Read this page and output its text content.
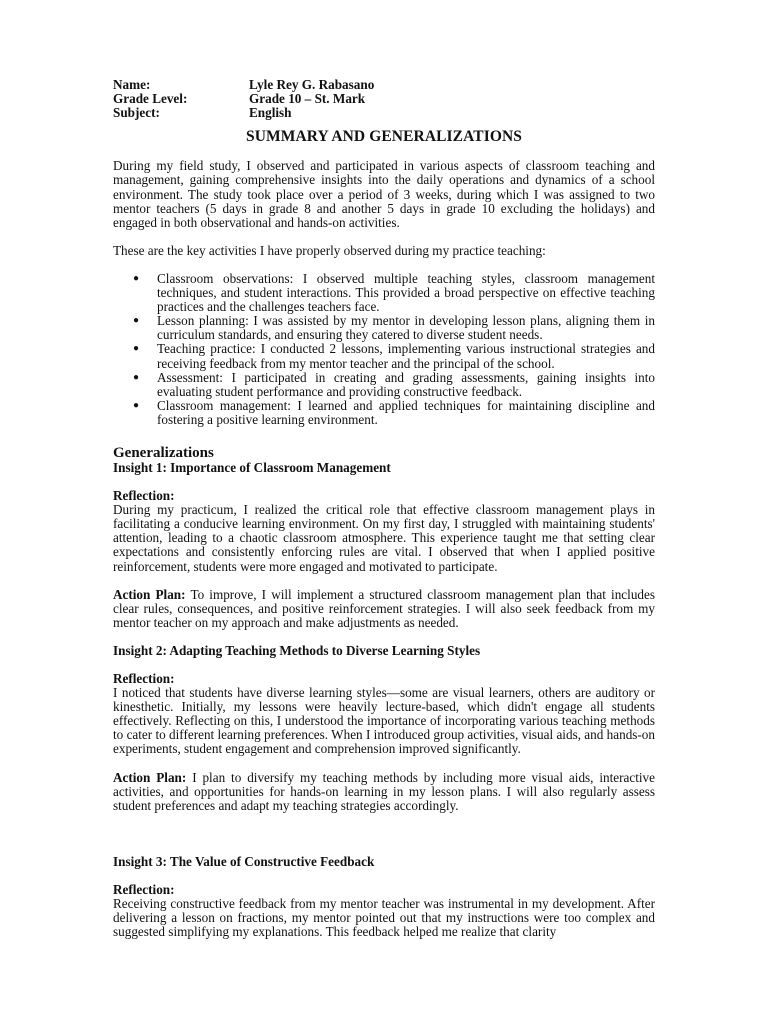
Name:	Lyle Rey G. Rabasano
Grade Level:	Grade 10 – St. Mark
Subject:	English
SUMMARY AND GENERALIZATIONS

During my field study, I observed and participated in various aspects of classroom teaching and management, gaining comprehensive insights into the daily operations and dynamics of a school environment. The study took place over a period of 3 weeks, during which I was assigned to two mentor teachers (5 days in grade 8 and another 5 days in grade 10 excluding the holidays) and engaged in both observational and hands-on activities.

These are the key activities I have properly observed during my practice teaching:

● Classroom observations: I observed multiple teaching styles, classroom management techniques, and student interactions. This provided a broad perspective on effective teaching practices and the challenges teachers face.
● Lesson planning: I was assisted by my mentor in developing lesson plans, aligning them in curriculum standards, and ensuring they catered to diverse student needs.
● Teaching practice: I conducted 2 lessons, implementing various instructional strategies and receiving feedback from my mentor teacher and the principal of the school.
● Assessment: I participated in creating and grading assessments, gaining insights into evaluating student performance and providing constructive feedback.
● Classroom management: I learned and applied techniques for maintaining discipline and fostering a positive learning environment.
Generalizations
Insight 1: Importance of Classroom Management

Reflection:

During my practicum, I realized the critical role that effective classroom management plays in facilitating a conducive learning environment. On my first day, I struggled with maintaining students' attention, leading to a chaotic classroom atmosphere. This experience taught me that setting clear expectations and consistently enforcing rules are vital. I observed that when I applied positive reinforcement, students were more engaged and motivated to participate.

Action Plan: To improve, I will implement a structured classroom management plan that includes clear rules, consequences, and positive reinforcement strategies. I will also seek feedback from my mentor teacher on my approach and make adjustments as needed.

Insight 2: Adapting Teaching Methods to Diverse Learning Styles

Reflection:

I noticed that students have diverse learning styles—some are visual learners, others are auditory or kinesthetic. Initially, my lessons were heavily lecture-based, which didn't engage all students effectively. Reflecting on this, I understood the importance of incorporating various teaching methods to cater to different learning preferences. When I introduced group activities, visual aids, and hands-on experiments, student engagement and comprehension improved significantly.

Action Plan: I plan to diversify my teaching methods by including more visual aids, interactive activities, and opportunities for hands-on learning in my lesson plans. I will also regularly assess student preferences and adapt my teaching strategies accordingly.

Insight 3: The Value of Constructive Feedback

Reflection:

Receiving constructive feedback from my mentor teacher was instrumental in my development. After delivering a lesson on fractions, my mentor pointed out that my instructions were too complex and suggested simplifying my explanations. This feedback helped me realize that clarity
